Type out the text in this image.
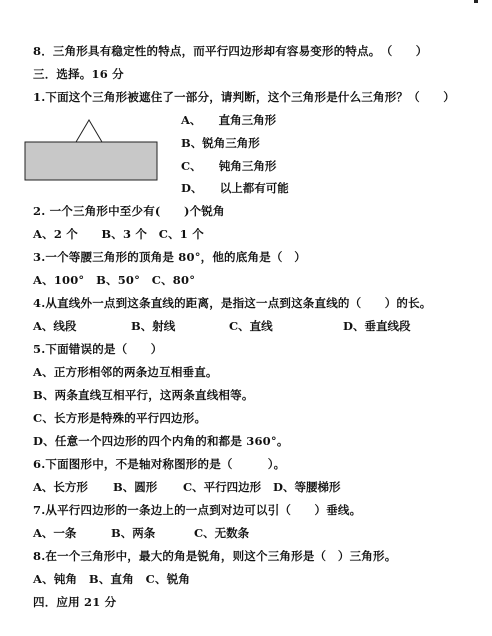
8．三角形具有稳定性的特点，而平行四边形却有容易变形的特点。　（　　）
三．选择。16 分
1.下面这个三角形被遮住了一部分，请判断，这个三角形是什么三角形？（　　）
A、　　直角三角形
B、锐角三角形
C、　　钝角三角形
D、　　以上都有可能
2. 一个三角形中至少有(　　)个锐角
A、2 个　　B、3 个　C、1 个
3.一个等腰三角形的顶角是 80°，他的底角是（　）
A、100°　B、50°　C、80°
4.从直线外一点到这条直线的距离，是指这一点到这条直线的（　　）的长。
A、线段	B、射线	C、直线	D、垂直线段
5.下面错误的是（　　）
A、正方形相邻的两条边互相垂直。
B、两条直线互相平行，这两条直线相等。
C、长方形是特殊的平行四边形。
D、任意一个四边形的四个内角的和都是 360°。
6.下面图形中，不是轴对称图形的是（　　　）。
A、长方形 B、圆形 C、平行四边形 D、等腰梯形
7.从平行四边形的一条边上的一点到对边可以引（　　）垂线。
A、一条	B、两条	C、无数条
8.在一个三角形中，最大的角是锐角，则这个三角形是（　）三角形。
A、钝角　B、直角　C、锐角
四．应用 21 分
